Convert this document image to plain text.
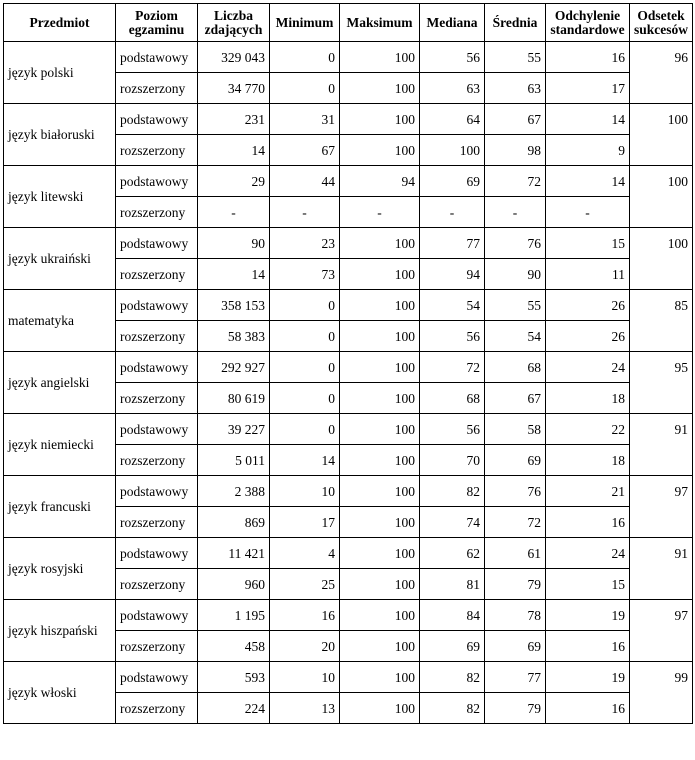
Przedmiot	Poziom egzaminu	Liczba zdających	Minimum	Maksimum	Mediana	Średnia	Odchylenie standardowe	Odsetek sukcesów
język polski	podstawowy	329 043	0	100	56	55	16	96
	rozszerzony	34 770	0	100	63	63	17	
język białoruski	podstawowy	231	31	100	64	67	14	100
	rozszerzony	14	67	100	100	98	9	
język litewski	podstawowy	29	44	94	69	72	14	100
	rozszerzony	-	-	-	-	-	-	
język ukraiński	podstawowy	90	23	100	77	76	15	100
	rozszerzony	14	73	100	94	90	11	
matematyka	podstawowy	358 153	0	100	54	55	26	85
	rozszerzony	58 383	0	100	56	54	26	
język angielski	podstawowy	292 927	0	100	72	68	24	95
	rozszerzony	80 619	0	100	68	67	18	
język niemiecki	podstawowy	39 227	0	100	56	58	22	91
	rozszerzony	5 011	14	100	70	69	18	
język francuski	podstawowy	2 388	10	100	82	76	21	97
	rozszerzony	869	17	100	74	72	16	
język rosyjski	podstawowy	11 421	4	100	62	61	24	91
	rozszerzony	960	25	100	81	79	15	
język hiszpański	podstawowy	1 195	16	100	84	78	19	97
	rozszerzony	458	20	100	69	69	16	
język włoski	podstawowy	593	10	100	82	77	19	99
	rozszerzony	224	13	100	82	79	16	
